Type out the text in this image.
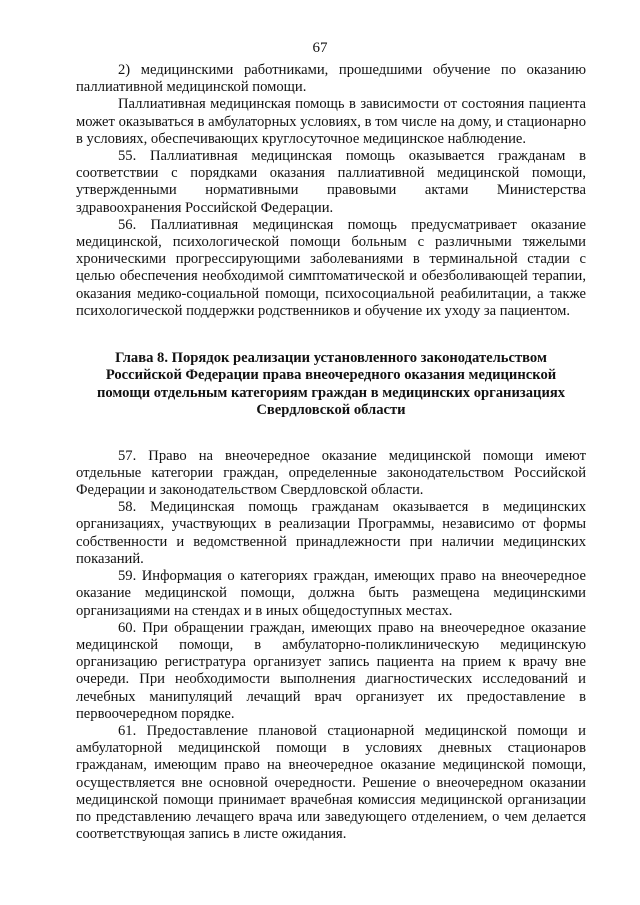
67

2) медицинскими работниками, прошедшими обучение по оказанию паллиативной медицинской помощи.

Паллиативная медицинская помощь в зависимости от состояния пациента может оказываться в амбулаторных условиях, в том числе на дому, и стационарно в условиях, обеспечивающих круглосуточное медицинское наблюдение.

55. Паллиативная медицинская помощь оказывается гражданам в соответствии с порядками оказания паллиативной медицинской помощи, утвержденными нормативными правовыми актами Министерства здравоохранения Российской Федерации.

56. Паллиативная медицинская помощь предусматривает оказание медицинской, психологической помощи больным с различными тяжелыми хроническими прогрессирующими заболеваниями в терминальной стадии с целью обеспечения необходимой симптоматической и обезболивающей терапии, оказания медико-социальной помощи, психосоциальной реабилитации, а также психологической поддержки родственников и обучение их уходу за пациентом.

Глава 8. Порядок реализации установленного законодательством Российской Федерации права внеочередного оказания медицинской помощи отдельным категориям граждан в медицинских организациях Свердловской области

57. Право на внеочередное оказание медицинской помощи имеют отдельные категории граждан, определенные законодательством Российской Федерации и законодательством Свердловской области.

58. Медицинская помощь гражданам оказывается в медицинских организациях, участвующих в реализации Программы, независимо от формы собственности и ведомственной принадлежности при наличии медицинских показаний.

59. Информация о категориях граждан, имеющих право на внеочередное оказание медицинской помощи, должна быть размещена медицинскими организациями на стендах и в иных общедоступных местах.

60. При обращении граждан, имеющих право на внеочередное оказание медицинской помощи, в амбулаторно-поликлиническую медицинскую организацию регистратура организует запись пациента на прием к врачу вне очереди. При необходимости выполнения диагностических исследований и лечебных манипуляций лечащий врач организует их предоставление в первоочередном порядке.

61. Предоставление плановой стационарной медицинской помощи и амбулаторной медицинской помощи в условиях дневных стационаров гражданам, имеющим право на внеочередное оказание медицинской помощи, осуществляется вне основной очередности. Решение о внеочередном оказании медицинской помощи принимает врачебная комиссия медицинской организации по представлению лечащего врача или заведующего отделением, о чем делается соответствующая запись в листе ожидания.
